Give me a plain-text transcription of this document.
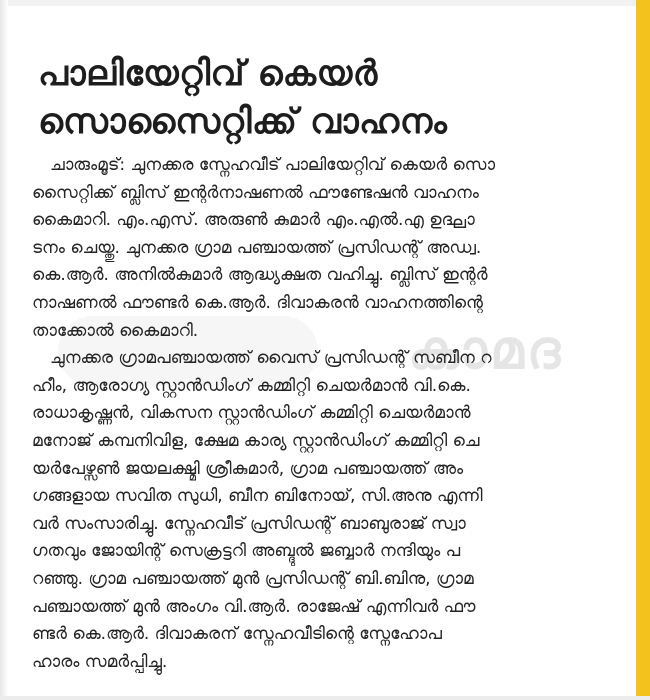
പാലിയേറ്റിവ് കെയർ
സൊസൈറ്റിക്ക് വാഹനം
കാമദ
ചാരുംമൂട്: ചുനക്കര സ്നേഹവീട് പാലിയേറ്റിവ് കെയർ സൊ
സൈറ്റിക്ക് ബ്ലിസ് ഇന്റർനാഷണൽ ഫൗണ്ടേഷൻ വാഹനം
കൈമാറി. എം.എസ്. അരുൺ കുമാർ എം.എൽ.എ ഉദ്ഘാ
ടനം ചെയ്തു. ചുനക്കര ഗ്രാമ പഞ്ചായത്ത് പ്രസിഡന്റ് അഡ്വ.
കെ.ആർ. അനിൽകുമാർ ആദ്ധ്യക്ഷത വഹിച്ചു. ബ്ലിസ് ഇന്റർ
നാഷണൽ ഫൗണ്ടർ കെ.ആർ. ദിവാകരൻ വാഹനത്തിന്റെ
താക്കോൽ കൈമാറി.
ചുനക്കര ഗ്രാമപഞ്ചായത്ത് വൈസ് പ്രസിഡന്റ് സബീന റ
ഹീം, ആരോഗ്യ സ്റ്റാൻഡിംഗ് കമ്മിറ്റി ചെയർമാൻ വി.കെ.
രാധാകൃഷ്ണൻ, വികസന സ്റ്റാൻഡിംഗ് കമ്മിറ്റി ചെയർമാൻ
മനോജ് കമ്പനിവിള, ക്ഷേമ കാര്യ സ്റ്റാൻഡിംഗ് കമ്മിറ്റി ചെ
യർപേഴ്സൺ ജയലക്ഷ്മി ശ്രീകുമാർ, ഗ്രാമ പഞ്ചായത്ത് അം
ഗങ്ങളായ സവിത സുധി, ബീന ബിനോയ്, സി.അനു എന്നി
വർ സംസാരിച്ചു. സ്നേഹവീട് പ്രസിഡന്റ് ബാബുരാജ് സ്വാ
ഗതവും ജോയിന്റ് സെക്രട്ടറി അബ്ദുൽ ജബ്ബാർ നന്ദിയും പ
റഞ്ഞു. ഗ്രാമ പഞ്ചായത്ത് മുൻ പ്രസിഡന്റ് ബി.ബിനു, ഗ്രാമ
പഞ്ചായത്ത് മുൻ അംഗം വി.ആർ. രാജേഷ് എന്നിവർ ഫൗ
ണ്ടർ കെ.ആർ. ദിവാകരന് സ്നേഹവീടിന്റെ സ്നേഹോപ
ഹാരം സമർപ്പിച്ചു.
